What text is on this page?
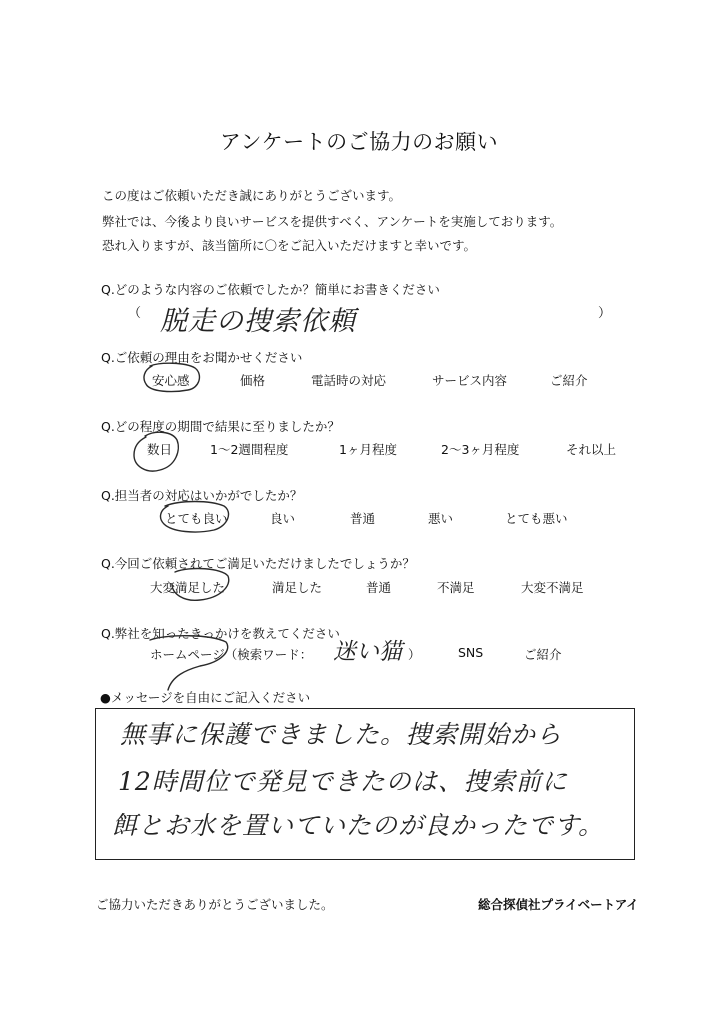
アンケートのご協力のお願い
この度はご依頼いただき誠にありがとうございます。
弊社では、今後より良いサービスを提供すべく、アンケートを実施しております。
恐れ入りますが、該当箇所に〇をご記入いただけますと幸いです。
Q.どのような内容のご依頼でしたか？簡単にお書きください
（ 脱走の捜索依頼	）
Q.ご依頼の理由をお聞かせください
安心感	価格	電話時の対応	サービス内容	ご紹介
Q.どの程度の期間で結果に至りましたか？
数日	1～2週間程度	1ヶ月程度	2～3ヶ月程度	それ以上
Q.担当者の対応はいかがでしたか？
とても良い	良い	普通	悪い	とても悪い
Q.今回ご依頼されてご満足いただけましたでしょうか？
大変満足した	満足した	普通	不満足	大変不満足
Q.弊社を知ったきっかけを教えてください
ホームページ（検索ワード： 迷い猫 ）	SNS	ご紹介
●メッセージを自由にご記入ください
無事に保護できました。捜索開始から
12時間位で発見できたのは、捜索前に
餌とお水を置いていたのが良かったです。
ご協力いただきありがとうございました。	総合探偵社プライベートアイ
